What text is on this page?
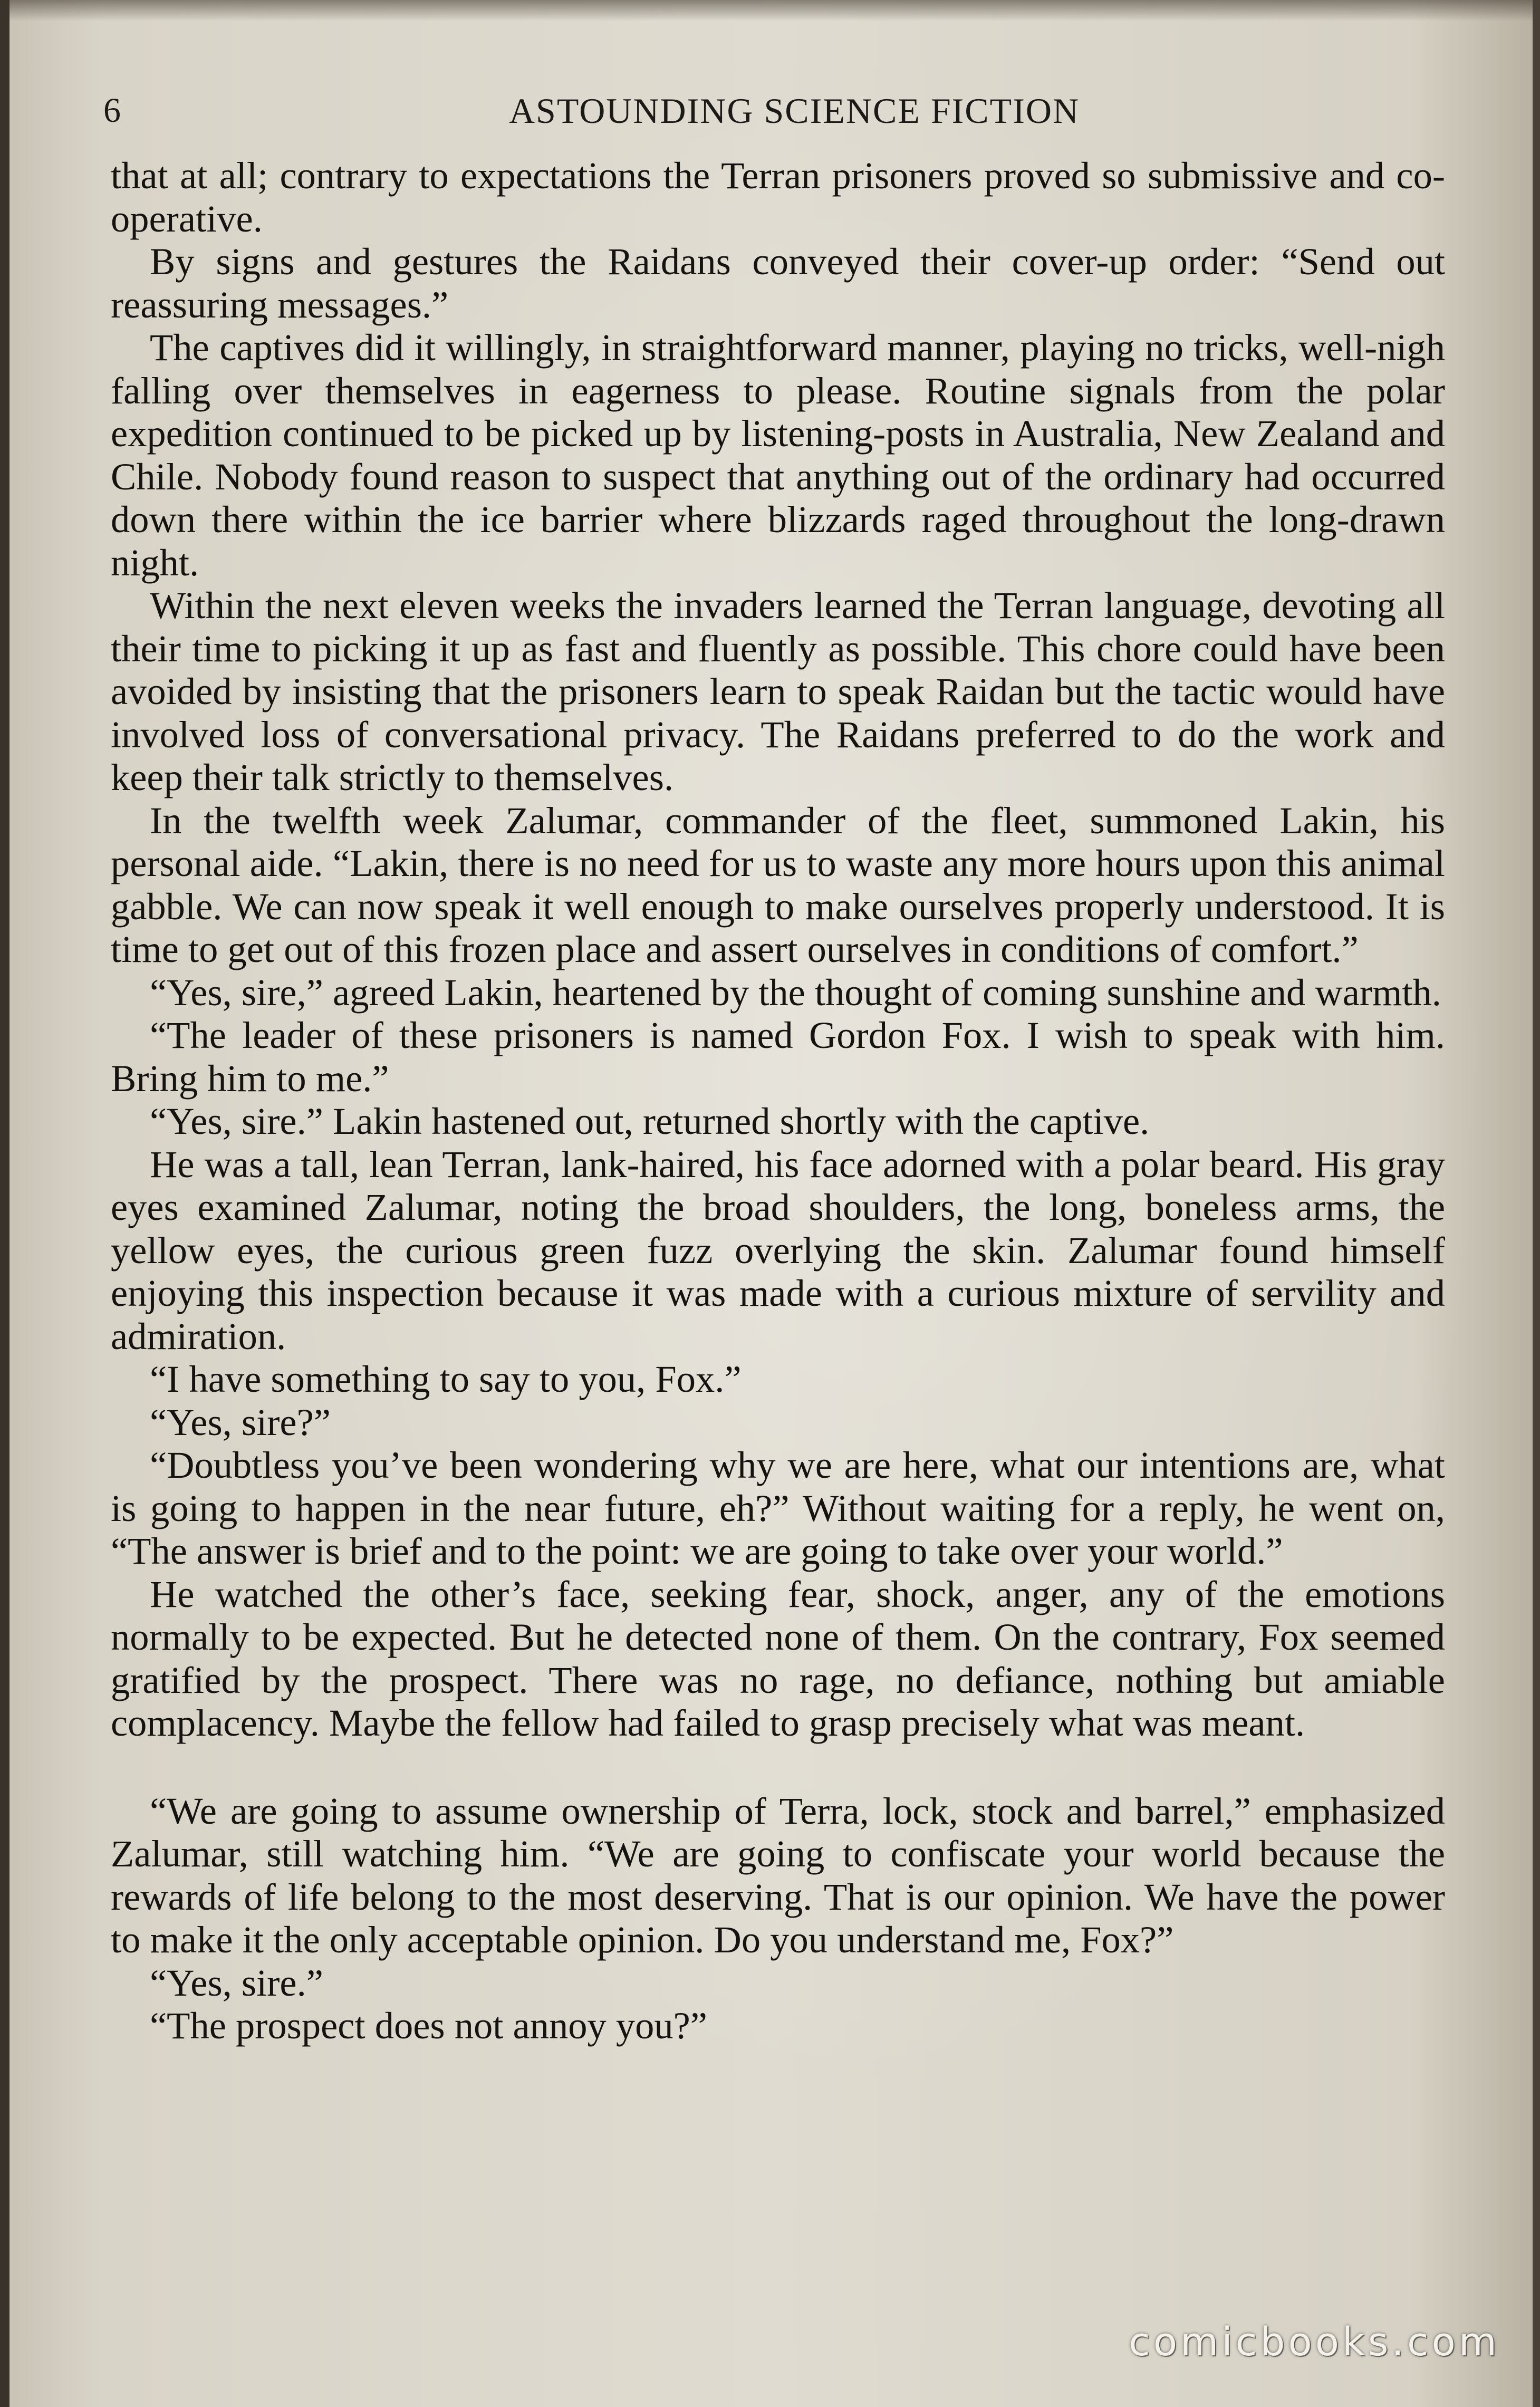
6	ASTOUNDING SCIENCE FICTION

that at all; contrary to expectations the Terran prisoners proved so submissive and co-operative.

By signs and gestures the Raidans conveyed their cover-up order: “Send out reassuring messages.”

The captives did it willingly, in straightforward manner, playing no tricks, well-nigh falling over themselves in eagerness to please. Routine signals from the polar expedition continued to be picked up by listening-posts in Australia, New Zealand and Chile. Nobody found reason to suspect that anything out of the ordinary had occurred down there within the ice barrier where blizzards raged throughout the long-drawn night.

Within the next eleven weeks the invaders learned the Terran language, devoting all their time to picking it up as fast and fluently as possible. This chore could have been avoided by insisting that the prisoners learn to speak Raidan but the tactic would have involved loss of conversational privacy. The Raidans preferred to do the work and keep their talk strictly to themselves.

In the twelfth week Zalumar, commander of the fleet, summoned Lakin, his personal aide. “Lakin, there is no need for us to waste any more hours upon this animal gabble. We can now speak it well enough to make ourselves properly understood. It is time to get out of this frozen place and assert ourselves in conditions of comfort.”

“Yes, sire,” agreed Lakin, heartened by the thought of coming sunshine and warmth.

“The leader of these prisoners is named Gordon Fox. I wish to speak with him. Bring him to me.”

“Yes, sire.” Lakin hastened out, returned shortly with the captive.

He was a tall, lean Terran, lank-haired, his face adorned with a polar beard. His gray eyes examined Zalumar, noting the broad shoulders, the long, boneless arms, the yellow eyes, the curious green fuzz overlying the skin. Zalumar found himself enjoying this inspection because it was made with a curious mixture of servility and admiration.

“I have something to say to you, Fox.”

“Yes, sire?”

“Doubtless you’ve been wondering why we are here, what our intentions are, what is going to happen in the near future, eh?” Without waiting for a reply, he went on, “The answer is brief and to the point: we are going to take over your world.”

He watched the other’s face, seeking fear, shock, anger, any of the emotions normally to be expected. But he detected none of them. On the contrary, Fox seemed gratified by the prospect. There was no rage, no defiance, nothing but amiable complacency. Maybe the fellow had failed to grasp precisely what was meant.

“We are going to assume ownership of Terra, lock, stock and barrel,” emphasized Zalumar, still watching him. “We are going to confiscate your world because the rewards of life belong to the most deserving. That is our opinion. We have the power to make it the only acceptable opinion. Do you understand me, Fox?”

“Yes, sire.”

“The prospect does not annoy you?”

comicbooks.com
